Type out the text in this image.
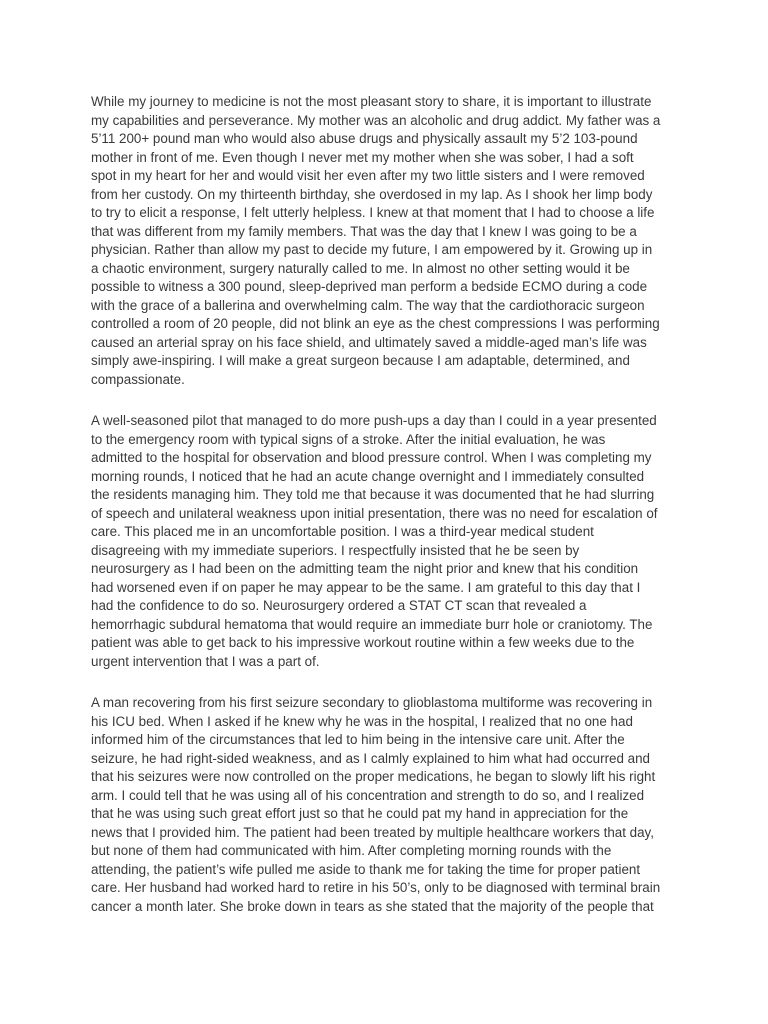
While my journey to medicine is not the most pleasant story to share, it is important to illustrate
my capabilities and perseverance. My mother was an alcoholic and drug addict. My father was a
5’11 200+ pound man who would also abuse drugs and physically assault my 5’2 103-pound
mother in front of me. Even though I never met my mother when she was sober, I had a soft
spot in my heart for her and would visit her even after my two little sisters and I were removed
from her custody. On my thirteenth birthday, she overdosed in my lap. As I shook her limp body
to try to elicit a response, I felt utterly helpless. I knew at that moment that I had to choose a life
that was different from my family members. That was the day that I knew I was going to be a
physician. Rather than allow my past to decide my future, I am empowered by it. Growing up in
a chaotic environment, surgery naturally called to me. In almost no other setting would it be
possible to witness a 300 pound, sleep-deprived man perform a bedside ECMO during a code
with the grace of a ballerina and overwhelming calm. The way that the cardiothoracic surgeon
controlled a room of 20 people, did not blink an eye as the chest compressions I was performing
caused an arterial spray on his face shield, and ultimately saved a middle-aged man’s life was
simply awe-inspiring. I will make a great surgeon because I am adaptable, determined, and
compassionate.
A well-seasoned pilot that managed to do more push-ups a day than I could in a year presented
to the emergency room with typical signs of a stroke. After the initial evaluation, he was
admitted to the hospital for observation and blood pressure control. When I was completing my
morning rounds, I noticed that he had an acute change overnight and I immediately consulted
the residents managing him. They told me that because it was documented that he had slurring
of speech and unilateral weakness upon initial presentation, there was no need for escalation of
care. This placed me in an uncomfortable position. I was a third-year medical student
disagreeing with my immediate superiors. I respectfully insisted that he be seen by
neurosurgery as I had been on the admitting team the night prior and knew that his condition
had worsened even if on paper he may appear to be the same. I am grateful to this day that I
had the confidence to do so. Neurosurgery ordered a STAT CT scan that revealed a
hemorrhagic subdural hematoma that would require an immediate burr hole or craniotomy. The
patient was able to get back to his impressive workout routine within a few weeks due to the
urgent intervention that I was a part of.
A man recovering from his first seizure secondary to glioblastoma multiforme was recovering in
his ICU bed. When I asked if he knew why he was in the hospital, I realized that no one had
informed him of the circumstances that led to him being in the intensive care unit. After the
seizure, he had right-sided weakness, and as I calmly explained to him what had occurred and
that his seizures were now controlled on the proper medications, he began to slowly lift his right
arm. I could tell that he was using all of his concentration and strength to do so, and I realized
that he was using such great effort just so that he could pat my hand in appreciation for the
news that I provided him. The patient had been treated by multiple healthcare workers that day,
but none of them had communicated with him. After completing morning rounds with the
attending, the patient’s wife pulled me aside to thank me for taking the time for proper patient
care. Her husband had worked hard to retire in his 50’s, only to be diagnosed with terminal brain
cancer a month later. She broke down in tears as she stated that the majority of the people that
